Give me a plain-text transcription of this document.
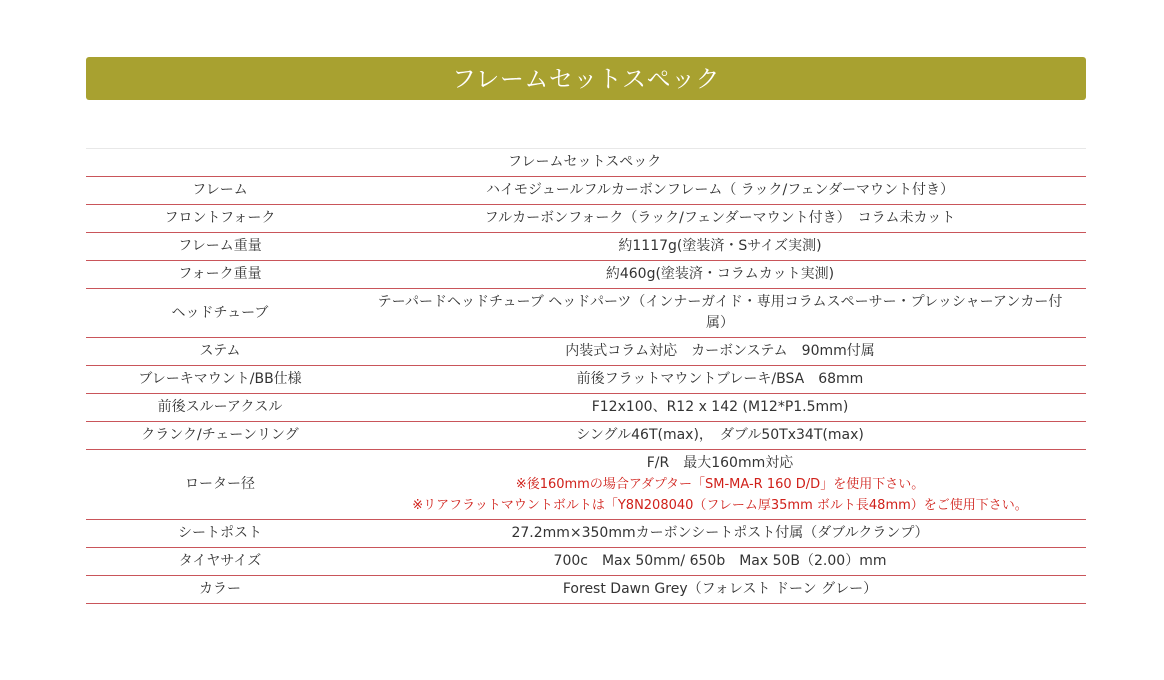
フレームセットスペック
	フレームセットスペック
フレーム	ハイモジュールフルカーボンフレーム（ ラック/フェンダーマウント付き）
フロントフォーク	フルカーボンフォーク（ラック/フェンダーマウント付き）　コラム未カット
フレーム重量	約1117g(塗装済・Sサイズ実測)
フォーク重量	約460g(塗装済・コラムカット実測)
ヘッドチューブ	テーパードヘッドチューブ ヘッドパーツ（インナーガイド・専用コラムスペーサー・プレッシャーアンカー付属）
ステム	内装式コラム対応　カーボンステム　90mm付属
ブレーキマウント/BB仕様	前後フラットマウントブレーキ/BSA　68mm
前後スルーアクスル	F12x100、R12 x 142 (M12*P1.5mm)
クランク/チェーンリング	シングル46T(max)，　ダブル50Tx34T(max)
ローター径	F/R　最大160mm対応
※後160mmの場合アダプター「SM-MA-R 160 D/D」を使用下さい。
※リアフラットマウントボルトは「Y8N208040（フレーム厚35mm ボルト長48mm）をご使用下さい。

シートポスト	27.2mm×350mmカーボンシートポスト付属（ダブルクランプ）
タイヤサイズ	700c　Max 50mm/ 650b　Max 50B（2.00）mm
カラー	Forest Dawn Grey（フォレスト ドーン グレー）
